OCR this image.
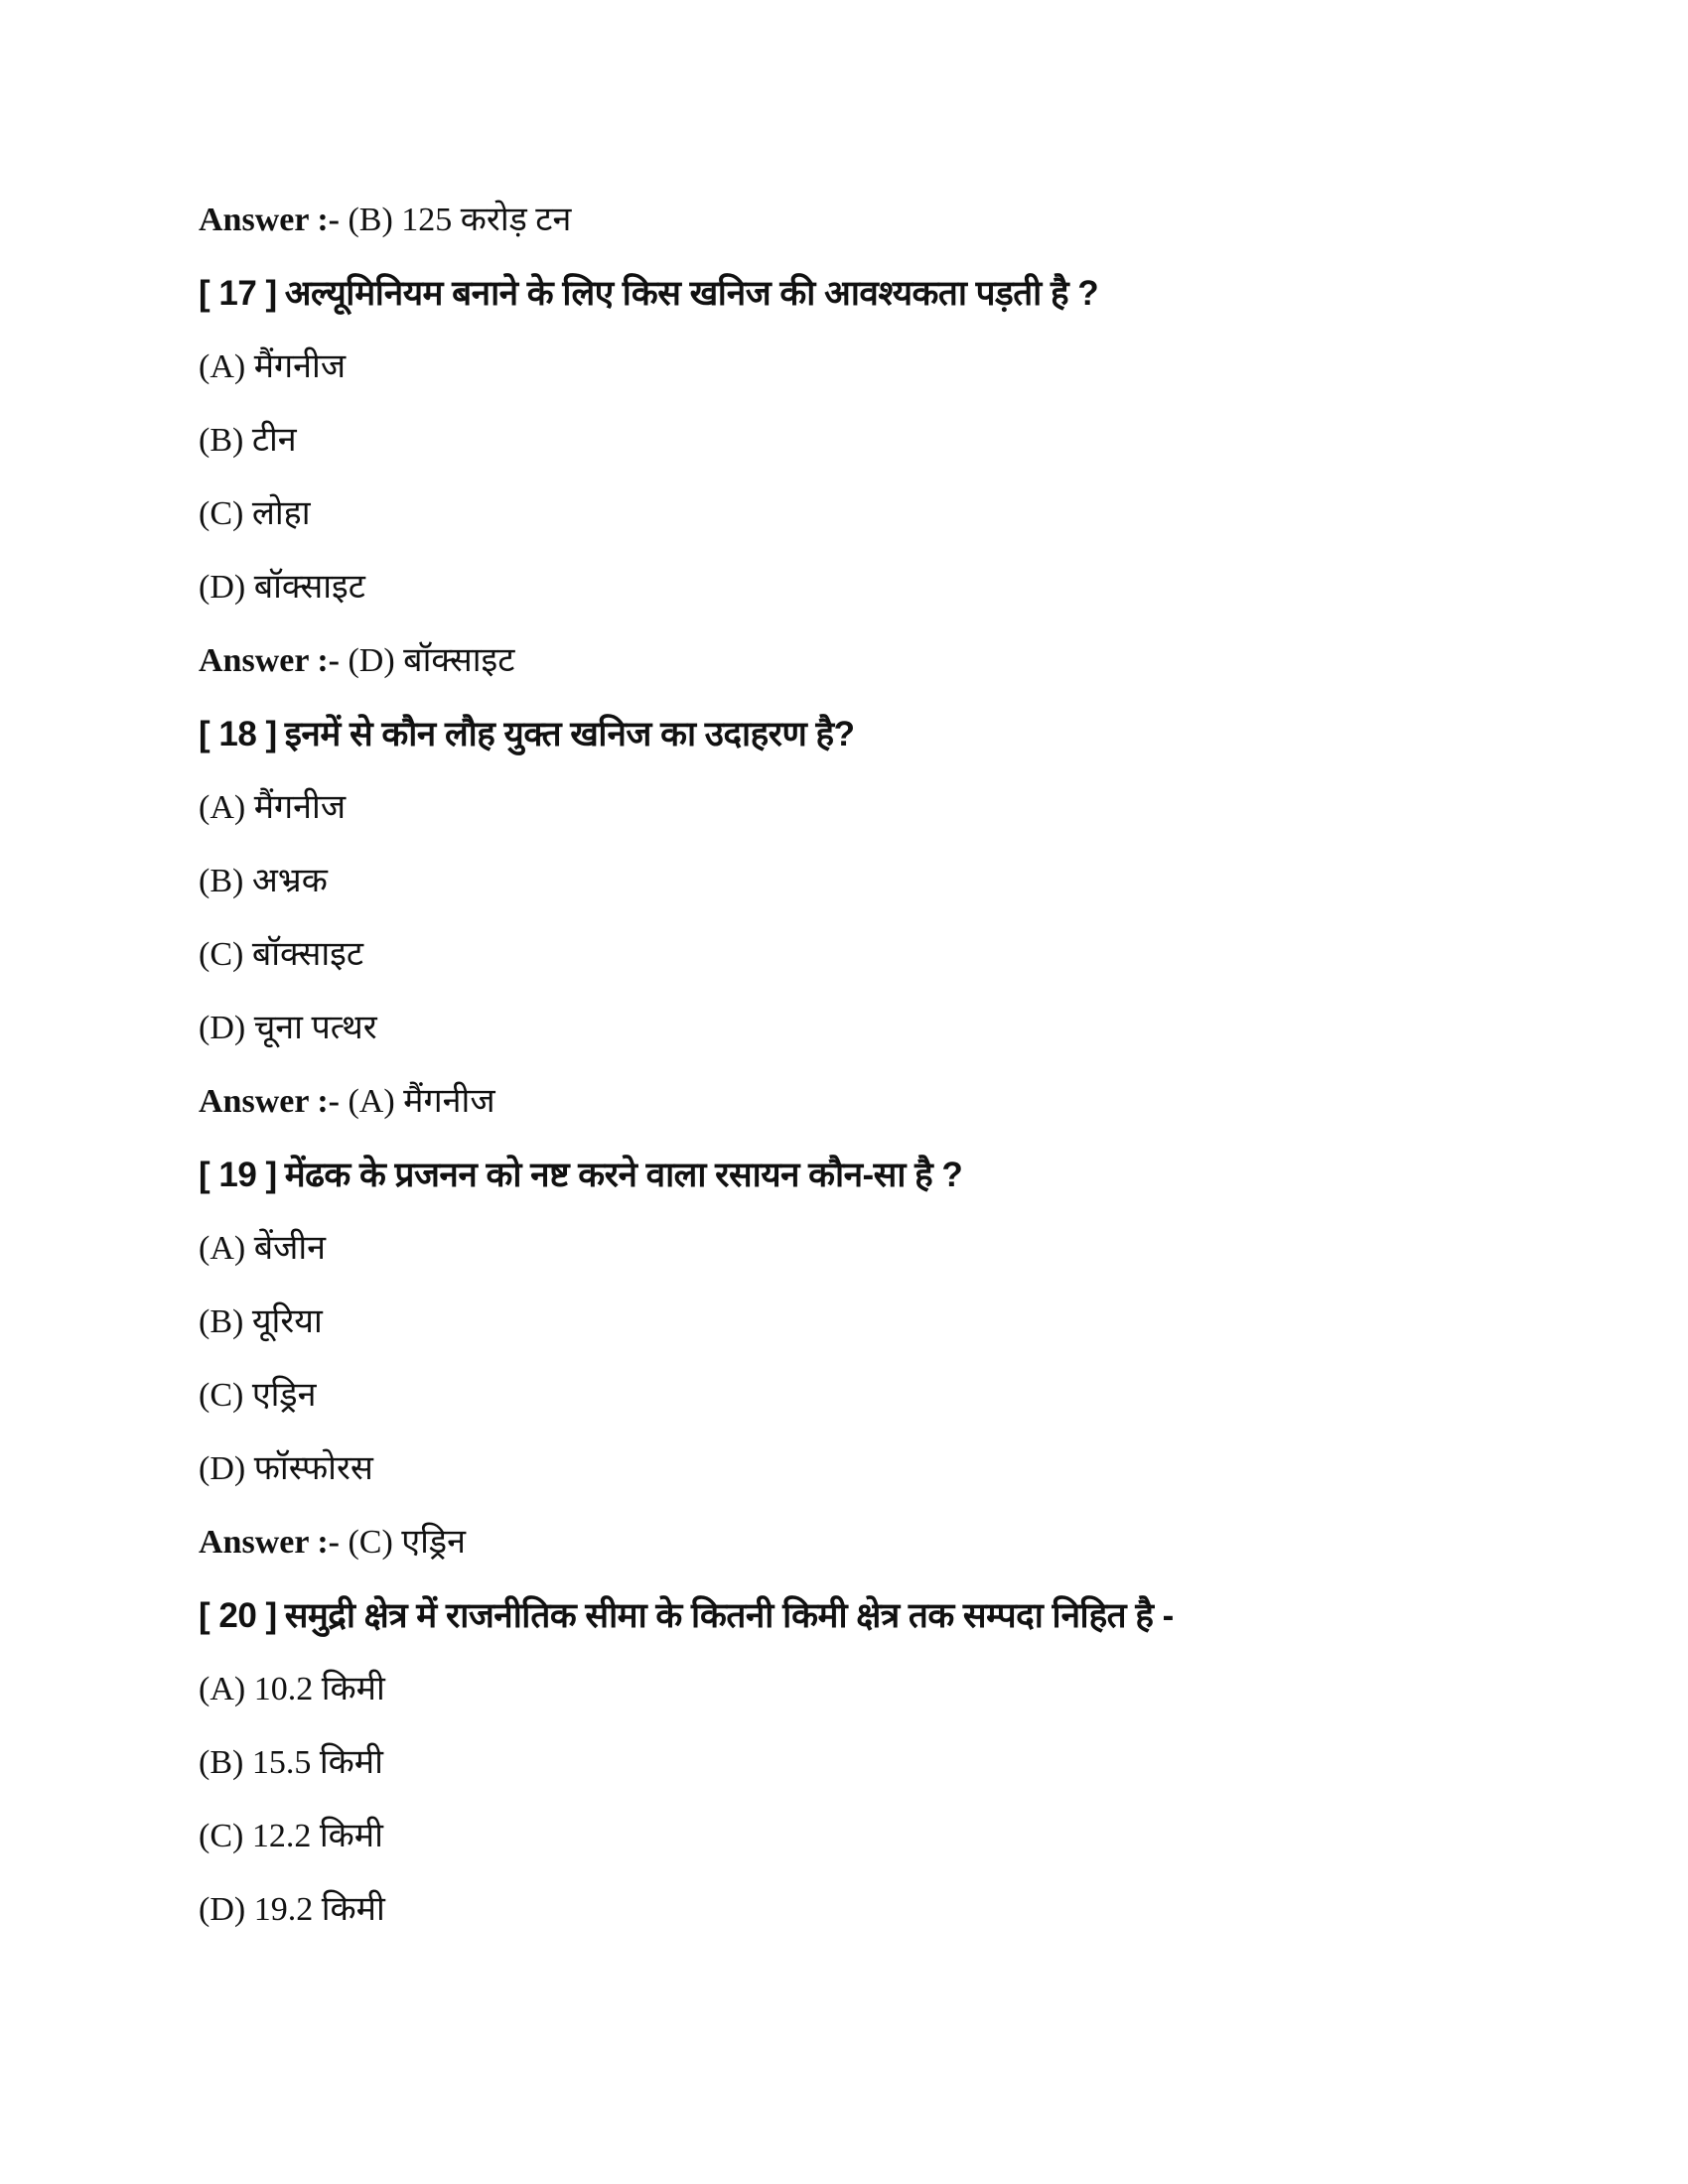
Answer :- (B) 125 करोड़ टन
[ 17 ] अल्यूमिनियम बनाने के लिए किस खनिज की आवश्यकता पड़ती है ?
(A) मैंगनीज
(B) टीन
(C) लोहा
(D) बॉक्साइट
Answer :- (D) बॉक्साइट
[ 18 ] इनमें से कौन लौह युक्त खनिज का उदाहरण है?
(A) मैंगनीज
(B) अभ्रक
(C) बॉक्साइट
(D) चूना पत्थर
Answer :- (A) मैंगनीज
[ 19 ] मेंढक के प्रजनन को नष्ट करने वाला रसायन कौन-सा है ?
(A) बेंजीन
(B) यूरिया
(C) एड्रिन
(D) फॉस्फोरस
Answer :- (C) एड्रिन
[ 20 ] समुद्री क्षेत्र में राजनीतिक सीमा के कितनी किमी क्षेत्र तक सम्पदा निहित है -
(A) 10.2 किमी
(B) 15.5 किमी
(C) 12.2 किमी
(D) 19.2 किमी
